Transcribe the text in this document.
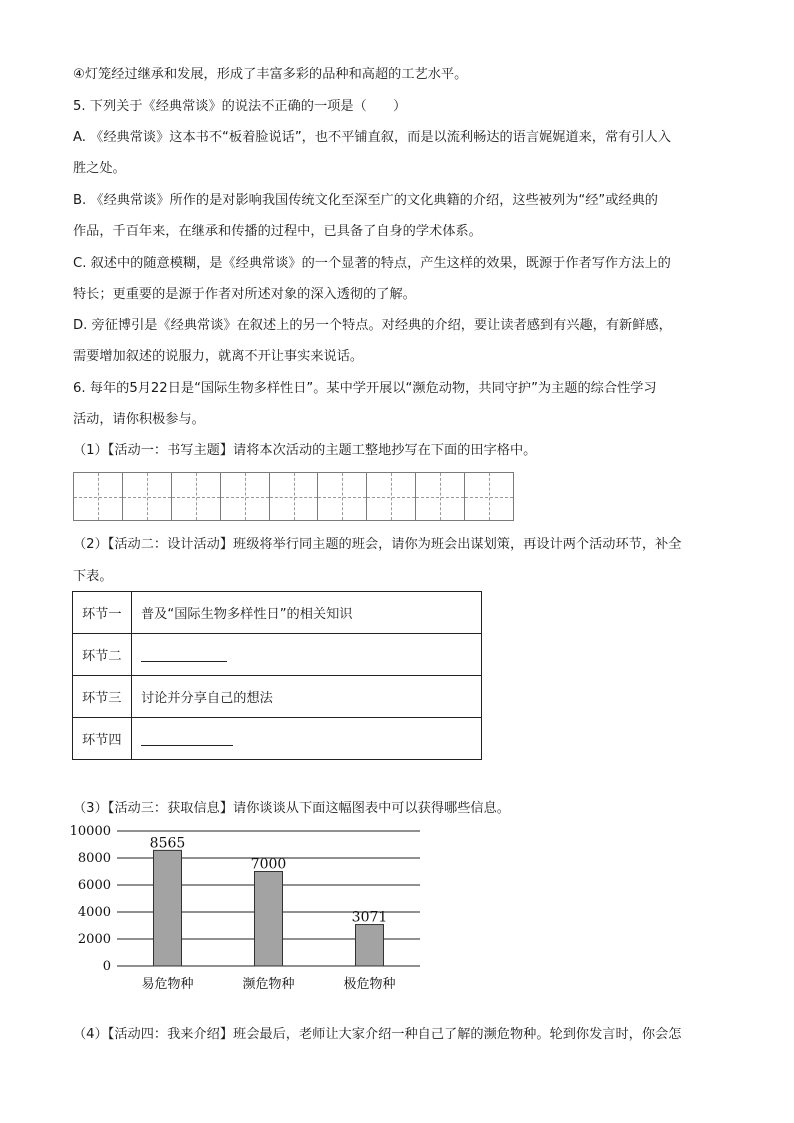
④灯笼经过继承和发展，形成了丰富多彩的品种和高超的工艺水平。
5. 下列关于《经典常谈》的说法不正确的一项是（　　）
A. 《经典常谈》这本书不“板着脸说话”，也不平铺直叙，而是以流利畅达的语言娓娓道来，常有引人入
胜之处。
B. 《经典常谈》所作的是对影响我国传统文化至深至广的文化典籍的介绍，这些被列为“经”或经典的
作品，千百年来，在继承和传播的过程中，已具备了自身的学术体系。
C. 叙述中的随意模糊，是《经典常谈》的一个显著的特点，产生这样的效果，既源于作者写作方法上的
特长；更重要的是源于作者对所述对象的深入透彻的了解。
D. 旁征博引是《经典常谈》在叙述上的另一个特点。对经典的介绍，要让读者感到有兴趣，有新鲜感，
需要增加叙述的说服力，就离不开让事实来说话。
6. 每年的5月22日是“国际生物多样性日”。某中学开展以“濒危动物，共同守护”为主题的综合性学习
活动，请你积极参与。
（1）【活动一：书写主题】请将本次活动的主题工整地抄写在下面的田字格中。
（2）【活动二：设计活动】班级将举行同主题的班会，请你为班会出谋划策，再设计两个活动环节，补全
下表。
环节一	普及“国际生物多样性日”的相关知识
环节二	
环节三	讨论并分享自己的想法
环节四	
（3）【活动三：获取信息】请你谈谈从下面这幅图表中可以获得哪些信息。
0
2000
4000
6000
8000
10000
8565
7000
3071
易危物种	濒危物种	极危物种
（4）【活动四：我来介绍】班会最后，老师让大家介绍一种自己了解的濒危物种。轮到你发言时，你会怎
